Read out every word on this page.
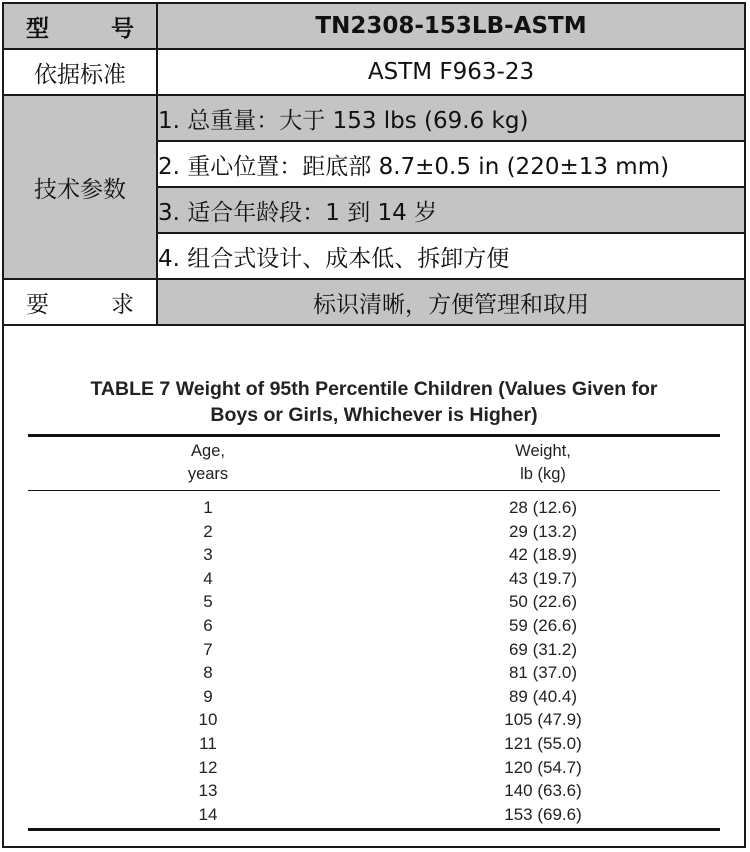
型 号	TN2308-153LB-ASTM
依据标准	ASTM F963-23
技术参数	1. 总重量：大于 153 lbs (69.6 kg)
	2. 重心位置：距底部 8.7±0.5 in (220±13 mm)
	3. 适合年龄段：1 到 14 岁
	4. 组合式设计、成本低、拆卸方便

要 求	标识清晰，方便管理和取用
TABLE 7 Weight of 95th Percentile Children (Values Given for
Boys or Girls, Whichever is Higher)
Age,
years
Weight,
lb (kg)
1	28 (12.6)
2	29 (13.2)
3	42 (18.9)
4	43 (19.7)
5	50 (22.6)
6	59 (26.6)
7	69 (31.2)
8	81 (37.0)
9	89 (40.4)
10	105 (47.9)
11	121 (55.0)
12	120 (54.7)
13	140 (63.6)
14	153 (69.6)
